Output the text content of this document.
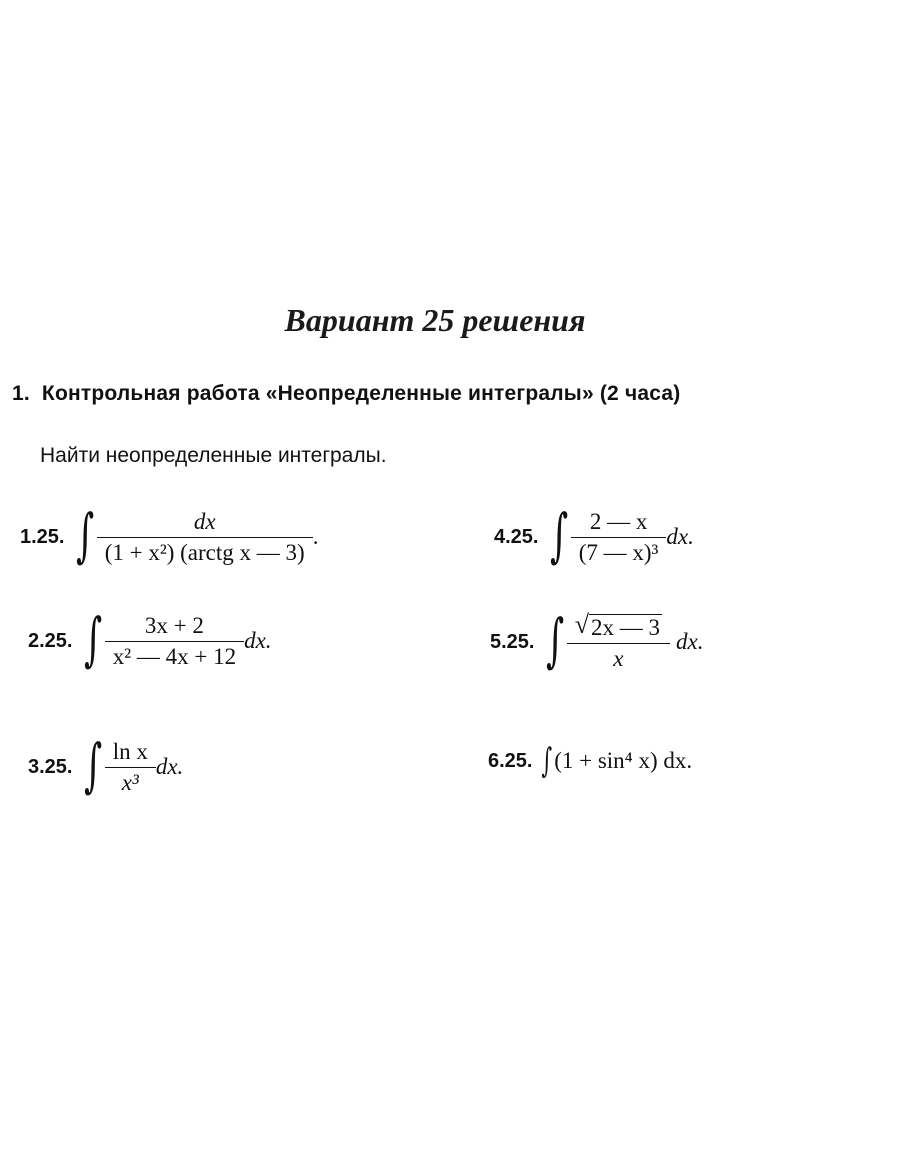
Вариант 25 решения
1. Контрольная работа «Неопределенные интегралы» (2 часа)
Найти неопределенные интегралы.
1.25. ∫ $\frac{dx}{\text{(1 + x²) (arctg x — 3)}}$ .
2.25. ∫ $\frac{3x + 2}{\text{x² — 4x + 12}}$ dx.
3.25. ∫ $\frac{\text{ln x}}{\text{x³}}$ dx.
4.25. ∫ $\frac{2 — x}{\text{(7 — x)³}}$ dx.
5.25. ∫ $\frac{√ 2x — 3}{x}$ dx.
6.25. ∫ (1 + sin⁴ x) dx.
